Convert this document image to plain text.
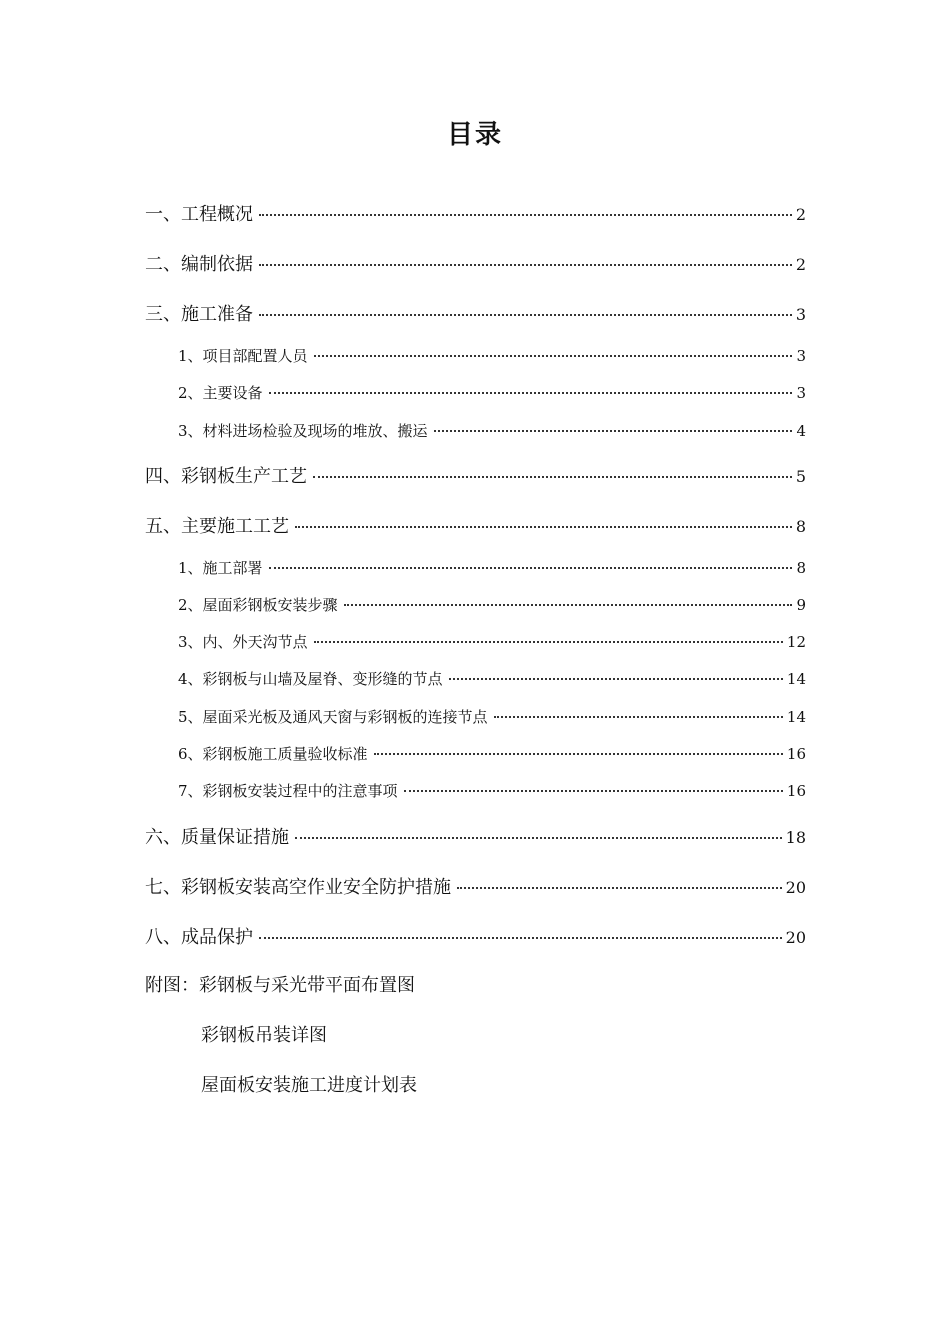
目录
一、工程概况	2
二、编制依据	2
三、施工准备	3
1、项目部配置人员	3
2、主要设备	3
3、材料进场检验及现场的堆放、搬运	4
四、彩钢板生产工艺	5
五、主要施工工艺	8
1、施工部署	8
2、屋面彩钢板安装步骤	9
3、内、外天沟节点	12
4、彩钢板与山墙及屋脊、变形缝的节点	14
5、屋面采光板及通风天窗与彩钢板的连接节点	14
6、彩钢板施工质量验收标准	16
7、彩钢板安装过程中的注意事项	16
六、质量保证措施	18
七、彩钢板安装高空作业安全防护措施	20
八、成品保护	20
附图：彩钢板与采光带平面布置图
彩钢板吊装详图
屋面板安装施工进度计划表
